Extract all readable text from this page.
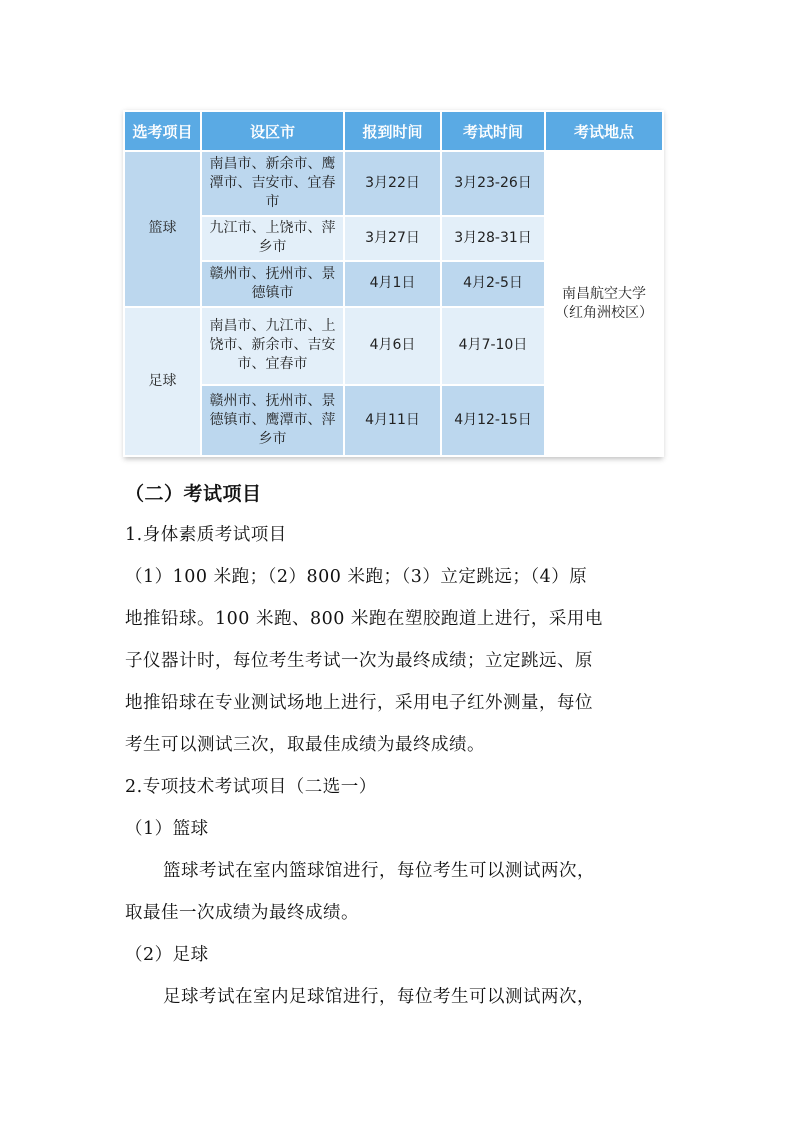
选考项目	设区市	报到时间	考试时间	考试地点
篮球	南昌市、新余市、鹰潭市、吉安市、宜春市	3月22日	3月23-26日	南昌航空大学（红角洲校区）
	九江市、上饶市、萍乡市	3月27日	3月28-31日	
	赣州市、抚州市、景德镇市	4月1日	4月2-5日	
足球	南昌市、九江市、上饶市、新余市、吉安市、宜春市	4月6日	4月7-10日	
	赣州市、抚州市、景德镇市、鹰潭市、萍乡市	4月11日	4月12-15日	
（二）考试项目
1.身体素质考试项目
（1）100 米跑；（2）800 米跑；（3）立定跳远；（4）原
地推铅球。100 米跑、800 米跑在塑胶跑道上进行，采用电
子仪器计时，每位考生考试一次为最终成绩；立定跳远、原
地推铅球在专业测试场地上进行，采用电子红外测量，每位
考生可以测试三次，取最佳成绩为最终成绩。
2.专项技术考试项目（二选一）
（1）篮球
篮球考试在室内篮球馆进行，每位考生可以测试两次，
取最佳一次成绩为最终成绩。
（2）足球
足球考试在室内足球馆进行，每位考生可以测试两次，
